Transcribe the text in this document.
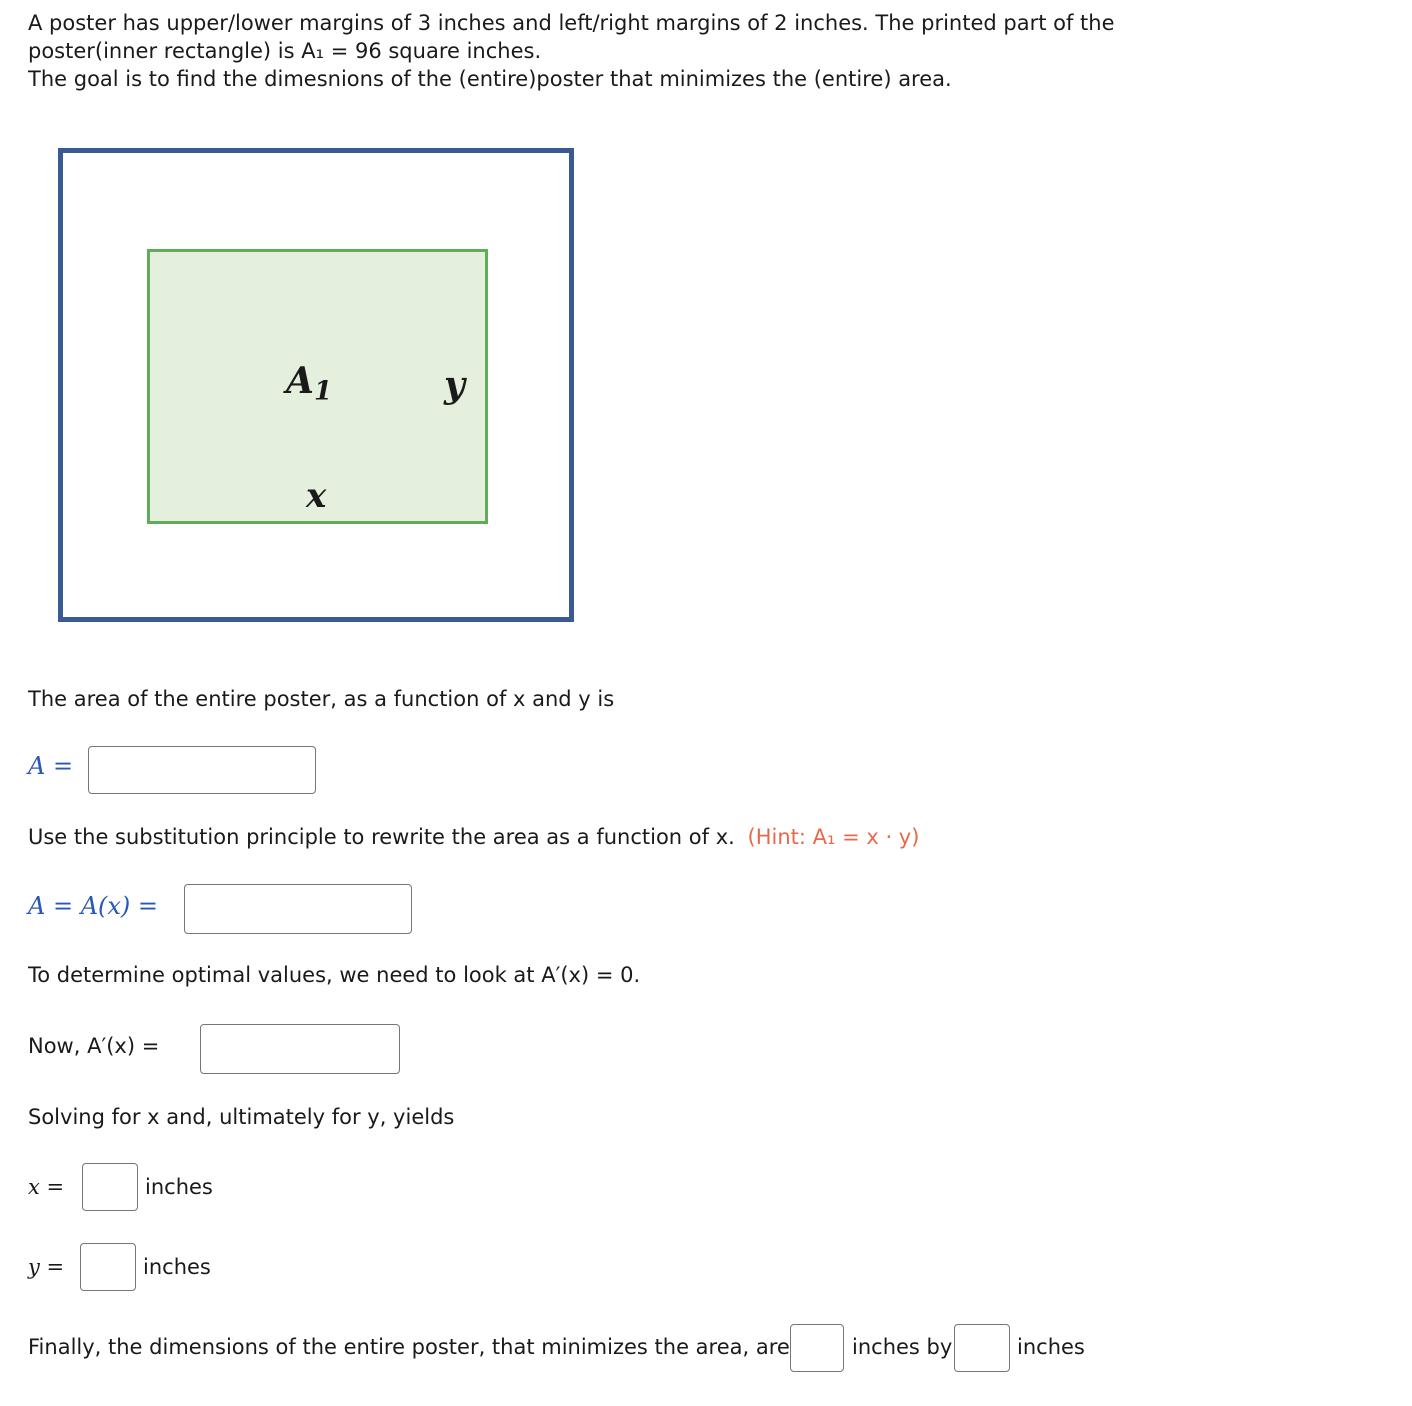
A poster has upper/lower margins of 3 inches and left/right margins of 2 inches. The printed part of the
poster(inner rectangle) is A₁ = 96 square inches.
The goal is to find the dimesnions of the (entire)poster that minimizes the (entire) area.
$A_1$	y
x
The area of the entire poster, as a function of x and y is
A =
Use the substitution principle to rewrite the area as a function of x. (Hint: A₁ = x · y)
A = A(x) =
To determine optimal values, we need to look at A′(x) = 0.
Now, A′(x) =
Solving for x and, ultimately for y, yields
x =	inches
y =	inches
Finally, the dimensions of the entire poster, that minimizes the area, are	inches by	inches
